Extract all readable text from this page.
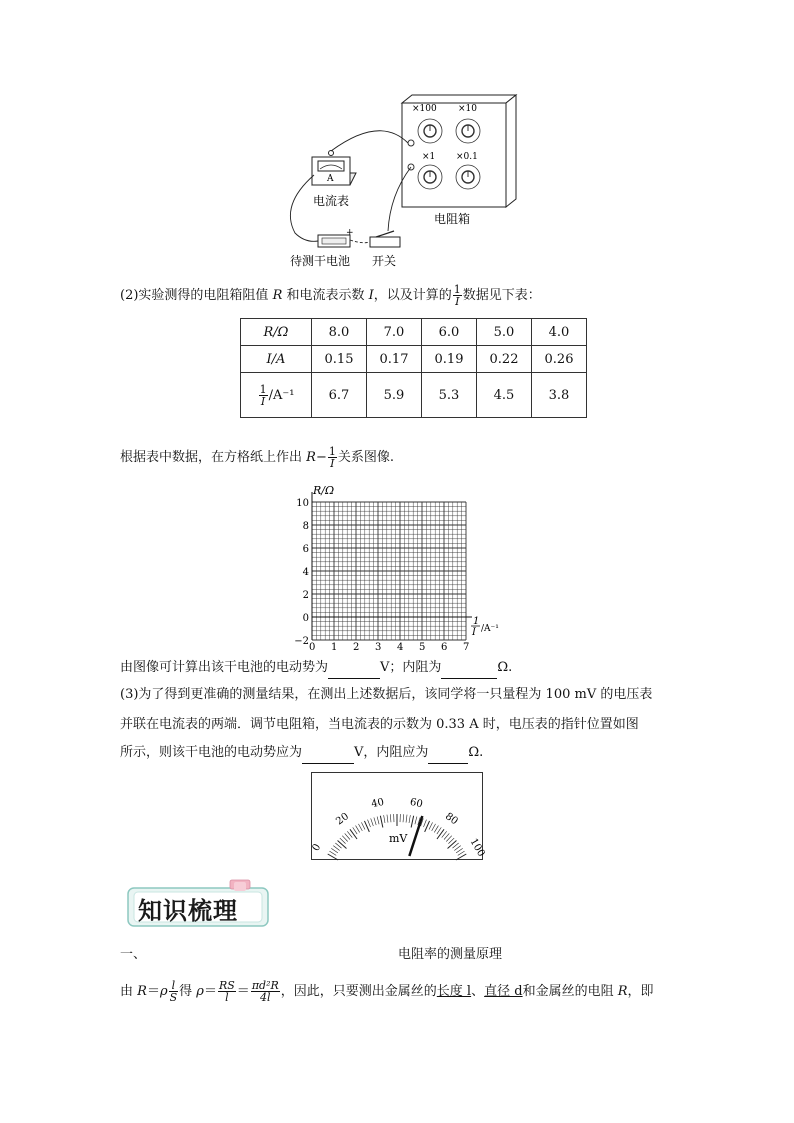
×100 ×10
×1 ×0.1
电阻箱
A
电流表
+
待测干电池 开关
(2)实验测得的电阻箱阻值 R 和电流表示数 I，以及计算的 $\frac{1}{I}$ 数据见下表：
R/Ω	8.0	7.0	6.0	5.0	4.0
I/A	0.15	0.17	0.19	0.22	0.26

$\frac{1}{I} /A^{-1}$	6.7	5.9	5.3	4.5	3.8
根据表中数据，在方格纸上作出 $R- \frac{1}{I}$ 关系图像.
0 1 2 3 4 5 6 7
10
8
6
4
2
0
−2
R/Ω
1
I /A⁻¹
由图像可计算出该干电池的电动势为	V；内阻为	Ω.
(3)为了得到更准确的测量结果，在测出上述数据后，该同学将一只量程为 100 mV 的电压表
并联在电流表的两端．调节电阻箱，当电流表的示数为 0.33 A 时，电压表的指针位置如图
所示，则该干电池的电动势应为	V，内阻应为	Ω.
0
20
40 60
80
100
mV
知识梳理
一、	电阻率的测量原理
由 $R=\rho \frac{l}{S}$ 得 $\rho= \frac{RS}{l} = \frac{\text{πd²R}}{4l}$ ，因此，只要测出金属丝的长度 l、直径 d和金属丝的电阻 R，即
